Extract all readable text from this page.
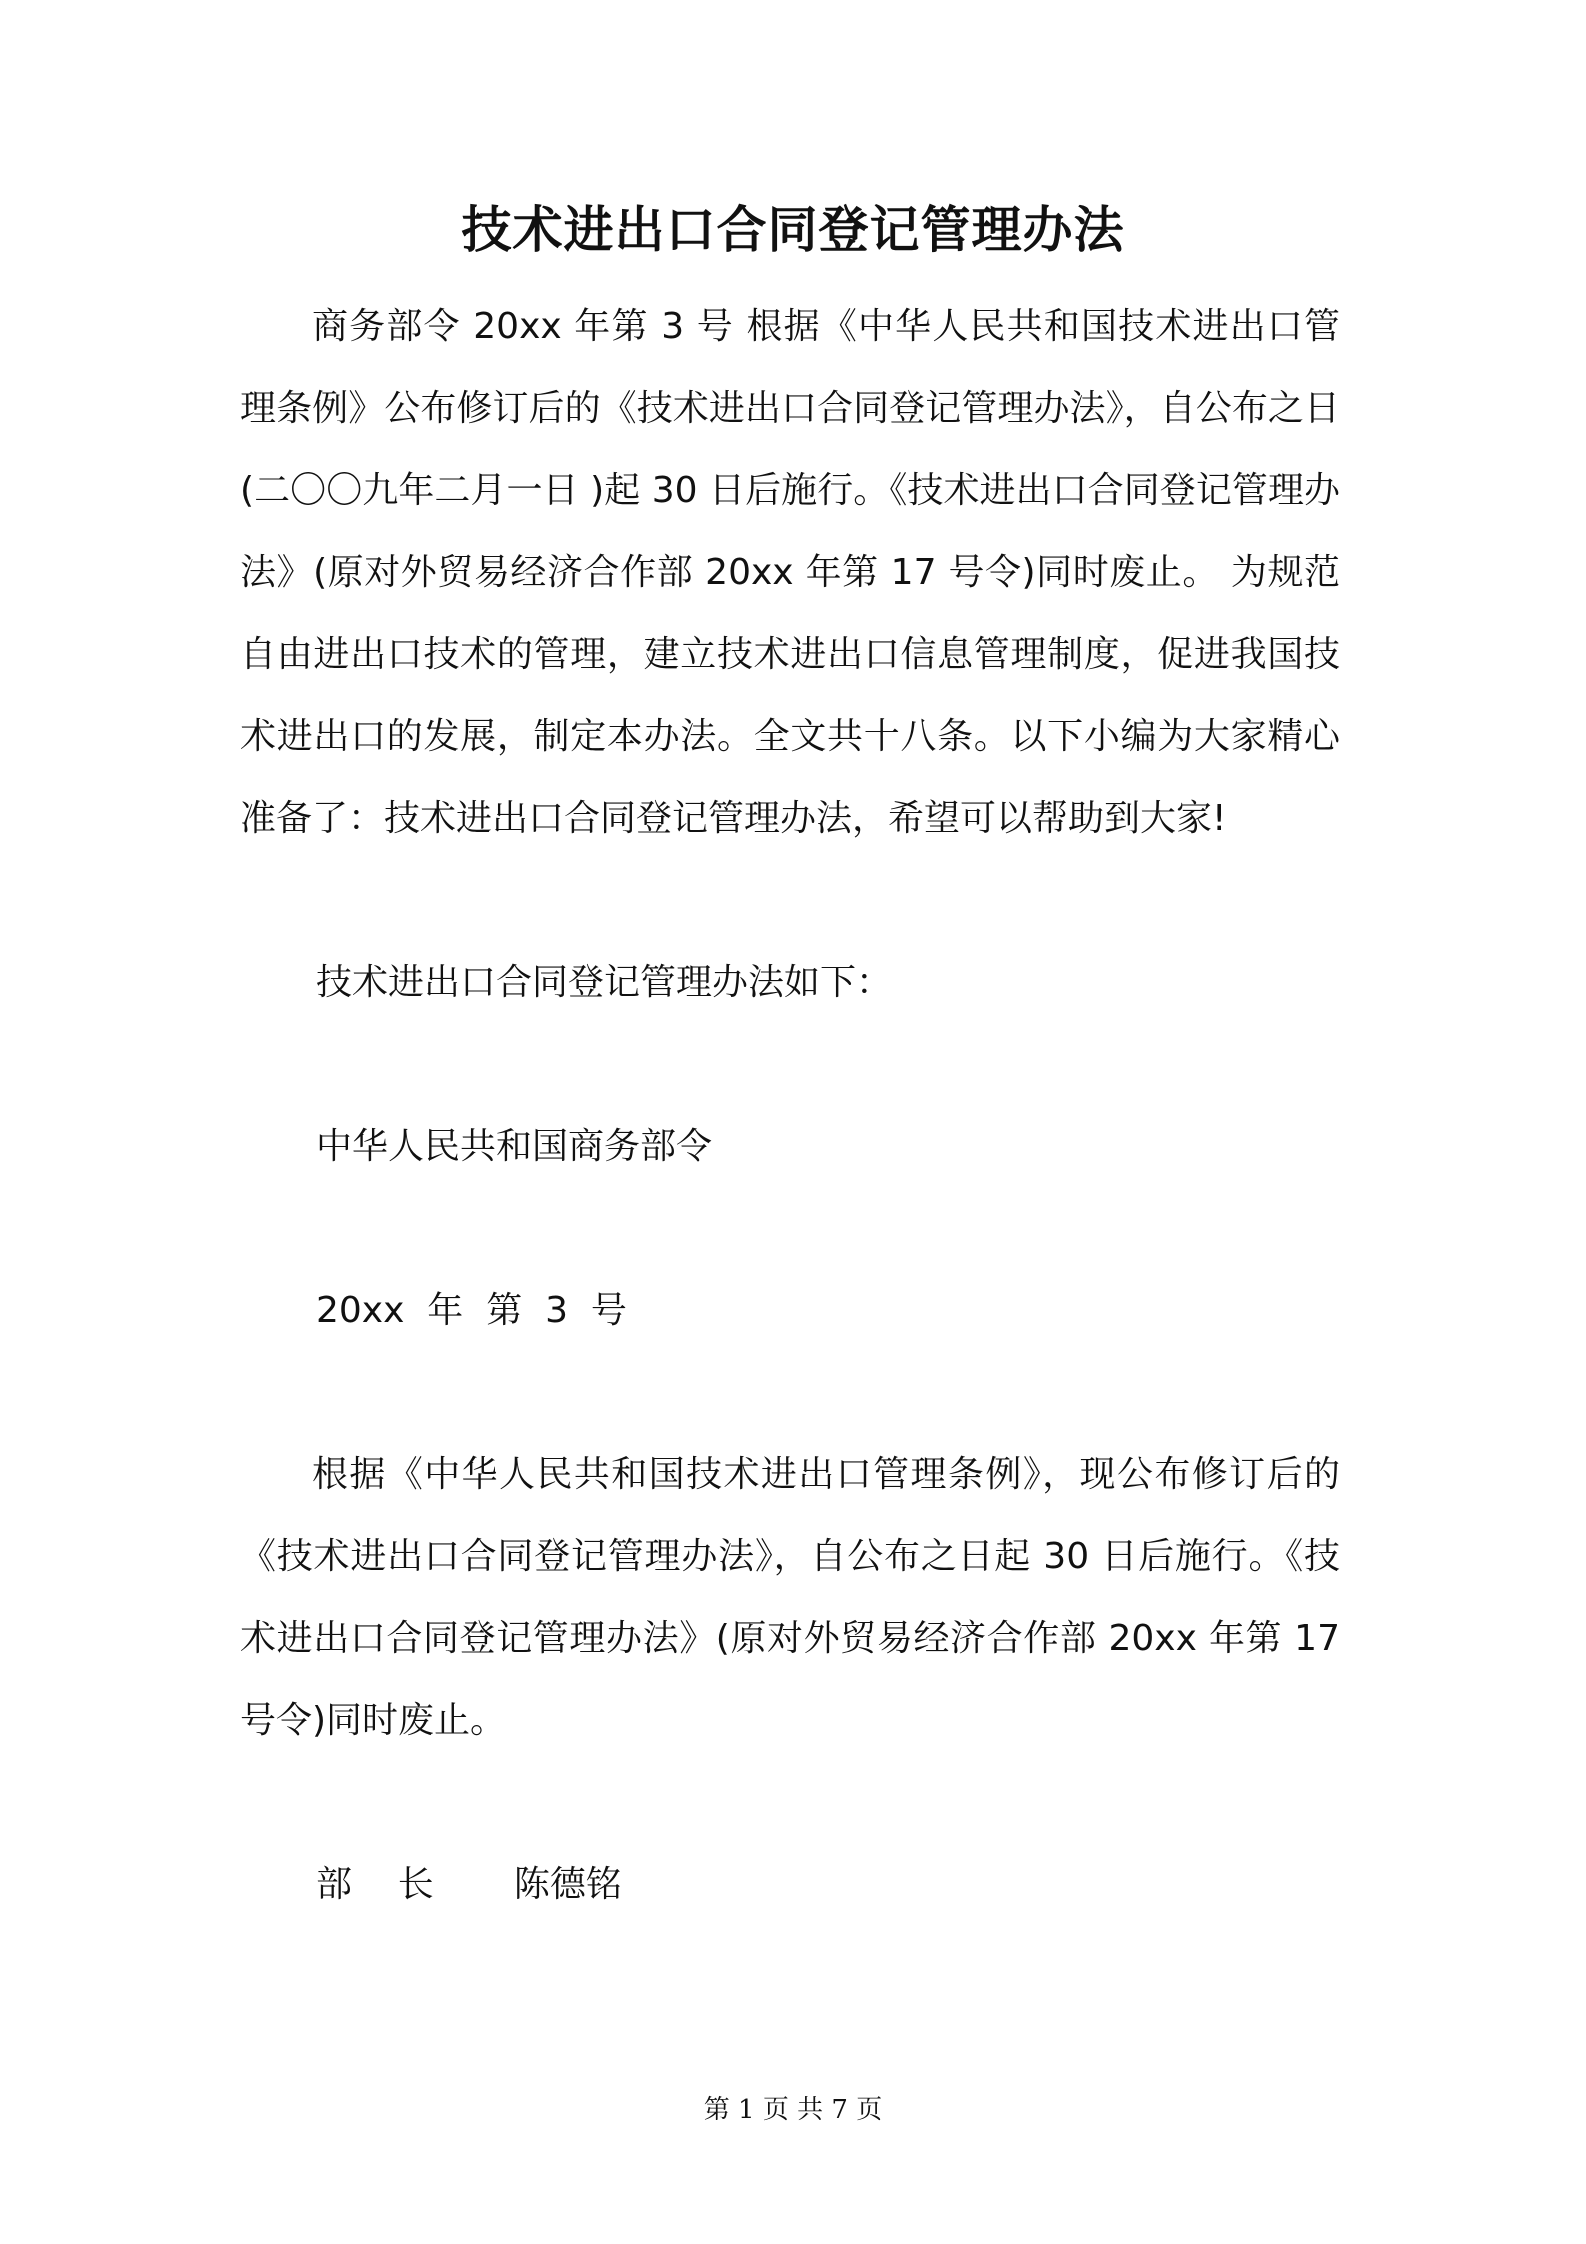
技术进出口合同登记管理办法

商务部令 20xx 年第 3 号 根据《中华人民共和国技术进出口管理条例》公布修订后的《技术进出口合同登记管理办法》，自公布之日(二〇〇九年二月一日 )起 30 日后施行。《技术进出口合同登记管理办法》(原对外贸易经济合作部 20xx 年第 17 号令)同时废止。 为规范自由进出口技术的管理，建立技术进出口信息管理制度，促进我国技术进出口的发展，制定本办法。全文共十八条。以下小编为大家精心准备了：技术进出口合同登记管理办法，希望可以帮助到大家!

技术进出口合同登记管理办法如下：

中华人民共和国商务部令

20xx  年  第  3  号

根据《中华人民共和国技术进出口管理条例》，现公布修订后的《技术进出口合同登记管理办法》，自公布之日起 30 日后施行。《技术进出口合同登记管理办法》(原对外贸易经济合作部 20xx 年第 17 号令)同时废止。

部    长       陈德铭

第 1 页 共 7 页
